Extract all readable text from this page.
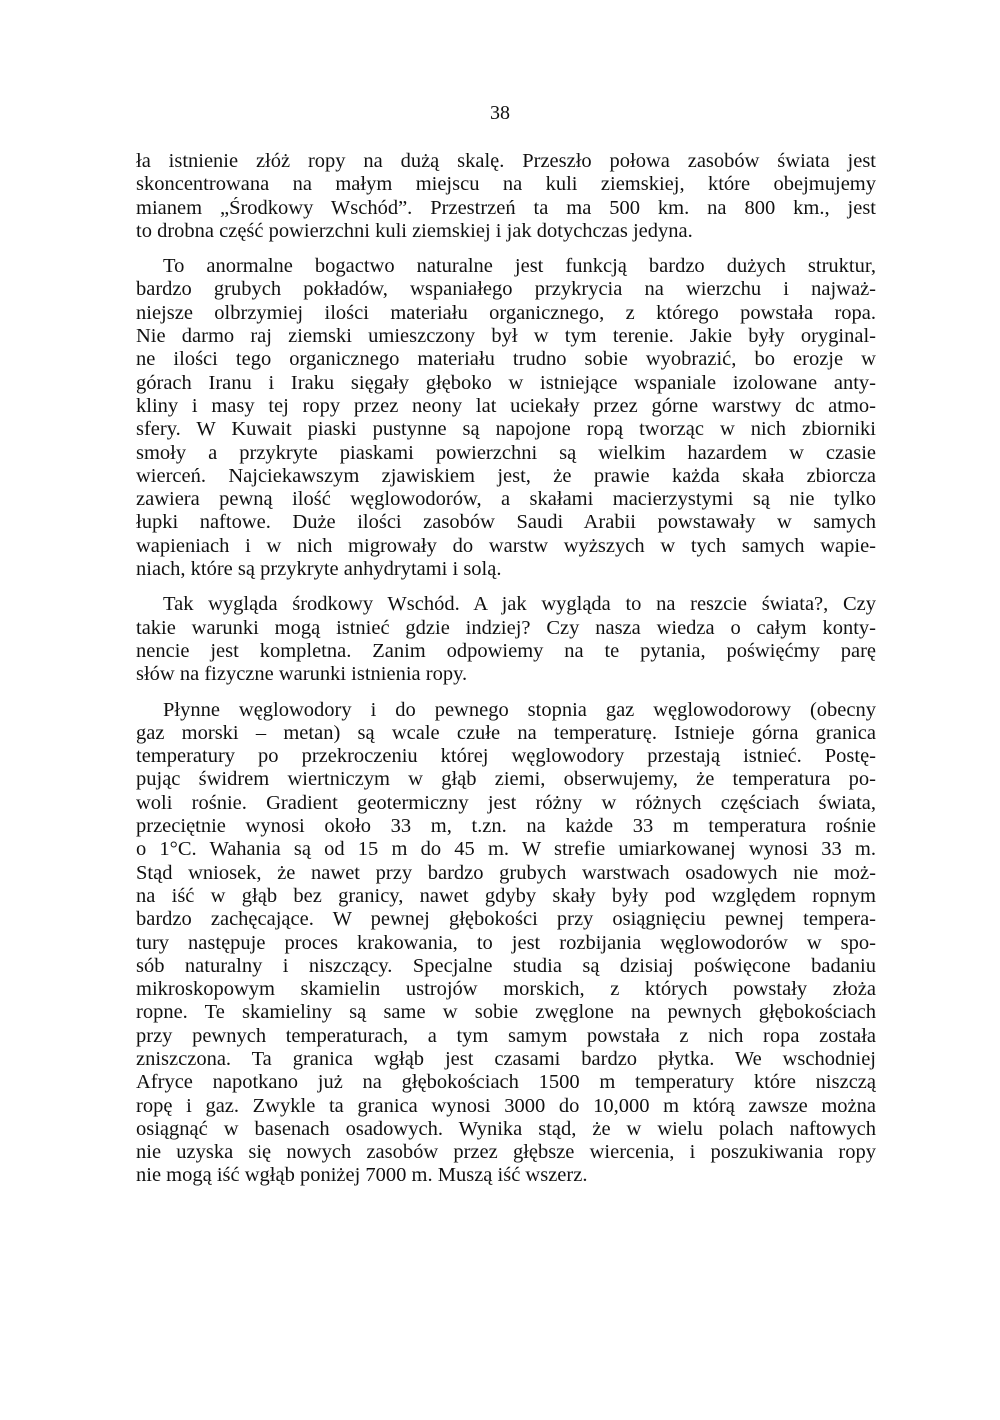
38
ła istnienie złóż ropy na dużą skalę. Przeszło połowa zasobów świata jest
skoncentrowana na małym miejscu na kuli ziemskiej, które obejmujemy
mianem „Środkowy Wschód”. Przestrzeń ta ma 500 km. na 800 km., jest
to drobna część powierzchni kuli ziemskiej i jak dotychczas jedyna.
To anormalne bogactwo naturalne jest funkcją bardzo dużych struktur,
bardzo grubych pokładów, wspaniałego przykrycia na wierzchu i najważ-
niejsze olbrzymiej ilości materiału organicznego, z którego powstała ropa.
Nie darmo raj ziemski umieszczony był w tym terenie. Jakie były oryginal-
ne ilości tego organicznego materiału trudno sobie wyobrazić, bo erozje w
górach Iranu i Iraku sięgały głęboko w istniejące wspaniale izolowane anty-
kliny i masy tej ropy przez neony lat uciekały przez górne warstwy dc atmo-
sfery. W Kuwait piaski pustynne są napojone ropą tworząc w nich zbiorniki
smoły a przykryte piaskami powierzchni są wielkim hazardem w czasie
wierceń. Najciekawszym zjawiskiem jest, że prawie każda skała zbiorcza
zawiera pewną ilość węglowodorów, a skałami macierzystymi są nie tylko
łupki naftowe. Duże ilości zasobów Saudi Arabii powstawały w samych
wapieniach i w nich migrowały do warstw wyższych w tych samych wapie-
niach, które są przykryte anhydrytami i solą.
Tak wygląda środkowy Wschód. A jak wygląda to na reszcie świata?, Czy
takie warunki mogą istnieć gdzie indziej? Czy nasza wiedza o całym konty-
nencie jest kompletna. Zanim odpowiemy na te pytania, poświęćmy parę
słów na fizyczne warunki istnienia ropy.
Płynne węglowodory i do pewnego stopnia gaz węglowodorowy (obecny
gaz morski – metan) są wcale czułe na temperaturę. Istnieje górna granica
temperatury po przekroczeniu której węglowodory przestają istnieć. Postę-
pując świdrem wiertniczym w głąb ziemi, obserwujemy, że temperatura po-
woli rośnie. Gradient geotermiczny jest różny w różnych częściach świata,
przeciętnie wynosi około 33 m, t.zn. na każde 33 m temperatura rośnie
o 1°C. Wahania są od 15 m do 45 m. W strefie umiarkowanej wynosi 33 m.
Stąd wniosek, że nawet przy bardzo grubych warstwach osadowych nie moż-
na iść w głąb bez granicy, nawet gdyby skały były pod względem ropnym
bardzo zachęcające. W pewnej głębokości przy osiągnięciu pewnej tempera-
tury następuje proces krakowania, to jest rozbijania węglowodorów w spo-
sób naturalny i niszczący. Specjalne studia są dzisiaj poświęcone badaniu
mikroskopowym skamielin ustrojów morskich, z których powstały złoża
ropne. Te skamieliny są same w sobie zwęglone na pewnych głębokościach
przy pewnych temperaturach, a tym samym powstała z nich ropa została
zniszczona. Ta granica wgłąb jest czasami bardzo płytka. We wschodniej
Afryce napotkano już na głębokościach 1500 m temperatury które niszczą
ropę i gaz. Zwykle ta granica wynosi 3000 do 10,000 m którą zawsze można
osiągnąć w basenach osadowych. Wynika stąd, że w wielu polach naftowych
nie uzyska się nowych zasobów przez głębsze wiercenia, i poszukiwania ropy
nie mogą iść wgłąb poniżej 7000 m. Muszą iść wszerz.
